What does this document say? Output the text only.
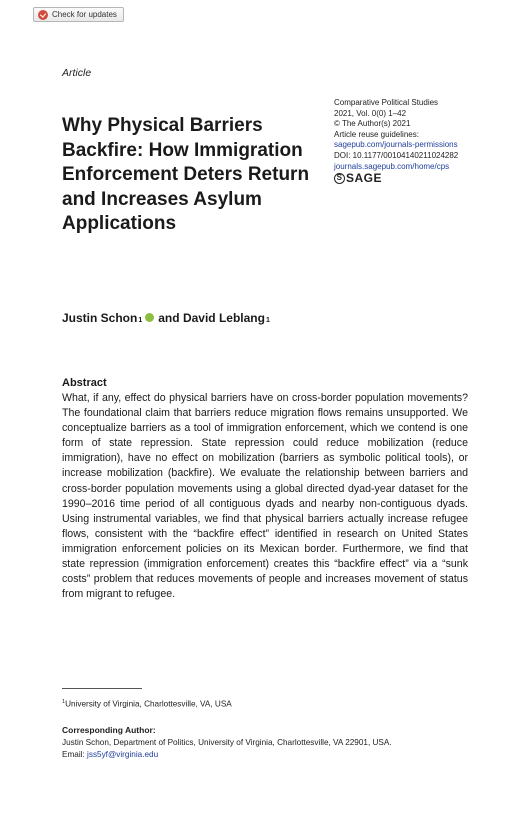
Check for updates
Article
Why Physical Barriers Backfire: How Immigration Enforcement Deters Return and Increases Asylum Applications
Comparative Political Studies
2021, Vol. 0(0) 1–42
© The Author(s) 2021
Article reuse guidelines:
sagepub.com/journals-permissions
DOI: 10.1177/00104140211024282
journals.sagepub.com/home/cps
S SAGE
Justin Schon$_1$ and
David Leblang$_1$
Abstract

What, if any, effect do physical barriers have on cross-border population movements? The foundational claim that barriers reduce migration flows remains unsupported. We conceptualize barriers as a tool of immigration enforcement, which we contend is one form of state repression. State repression could reduce mobilization (reduce immigration), have no effect on mobilization (barriers as symbolic political tools), or increase mobilization (backfire). We evaluate the relationship between barriers and cross-border population movements using a global directed dyad-year dataset for the 1990–2016 time period of all contiguous dyads and nearby non-contiguous dyads. Using instrumental variables, we find that physical barriers actually increase refugee flows, consistent with the “backfire effect” identified in research on United States immigration enforcement policies on its Mexican border. Furthermore, we find that state repression (immigration enforcement) creates this “backfire effect” via a “sunk costs” problem that reduces movements of people and increases movement of status from migrant to refugee.

$^1$University of Virginia, Charlottesville, VA, USA
Corresponding Author:
Justin Schon, Department of Politics, University of Virginia, Charlottesville, VA 22901, USA.
Email: jss5yf@virginia.edu
